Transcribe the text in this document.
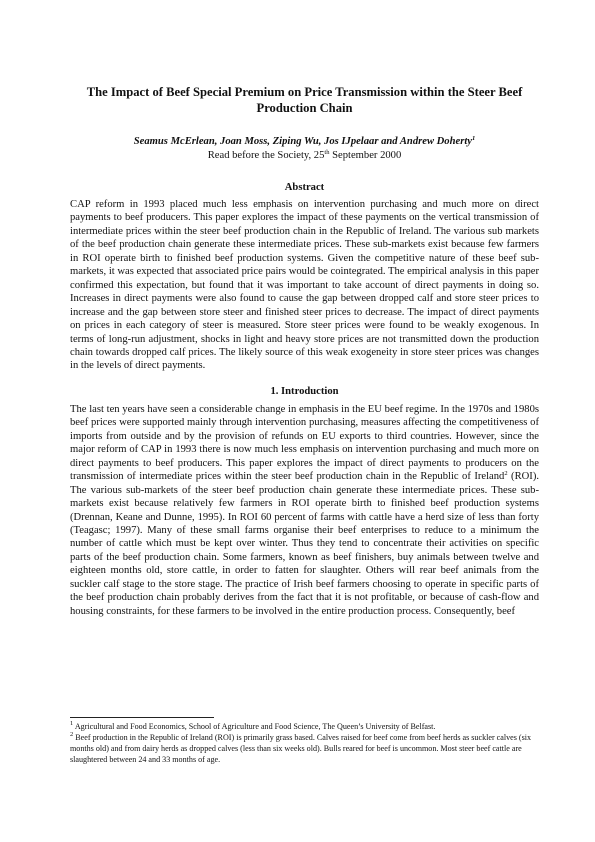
The Impact of Beef Special Premium on Price Transmission within the Steer Beef Production Chain
Seamus McErlean, Joan Moss, Ziping Wu, Jos IJpelaar and Andrew Doherty$^1$
Read before the Society, 25th September 2000
Abstract

CAP reform in 1993 placed much less emphasis on intervention purchasing and much more on direct payments to beef producers. This paper explores the impact of these payments on the vertical transmission of intermediate prices within the steer beef production chain in the Republic of Ireland. The various sub markets of the beef production chain generate these intermediate prices. These sub-markets exist because few farmers in ROI operate birth to finished beef production systems. Given the competitive nature of these beef sub-markets, it was expected that associated price pairs would be cointegrated. The empirical analysis in this paper confirmed this expectation, but found that it was important to take account of direct payments in doing so. Increases in direct payments were also found to cause the gap between dropped calf and store steer prices to increase and the gap between store steer and finished steer prices to decrease. The impact of direct payments on prices in each category of steer is measured. Store steer prices were found to be weakly exogenous. In terms of long-run adjustment, shocks in light and heavy store prices are not transmitted down the production chain towards dropped calf prices. The likely source of this weak exogeneity in store steer prices was changes in the levels of direct payments.

1. Introduction

The last ten years have seen a considerable change in emphasis in the EU beef regime. In the 1970s and 1980s beef prices were supported mainly through intervention purchasing, measures affecting the competitiveness of imports from outside and by the provision of refunds on EU exports to third countries. However, since the major reform of CAP in 1993 there is now much less emphasis on intervention purchasing and much more on direct payments to beef producers. This paper explores the impact of direct payments to producers on the transmission of intermediate prices within the steer beef production chain in the Republic of Ireland$^2$ (ROI). The various sub-markets of the steer beef production chain generate these intermediate prices. These sub-markets exist because relatively few farmers in ROI operate birth to finished beef production systems (Drennan, Keane and Dunne, 1995). In ROI 60 percent of farms with cattle have a herd size of less than forty (Teagasc; 1997). Many of these small farms organise their beef enterprises to reduce to a minimum the number of cattle which must be kept over winter. Thus they tend to concentrate their activities on specific parts of the beef production chain. Some farmers, known as beef finishers, buy animals between twelve and eighteen months old, store cattle, in order to fatten for slaughter. Others will rear beef animals from the suckler calf stage to the store stage. The practice of Irish beef farmers choosing to operate in specific parts of the beef production chain probably derives from the fact that it is not profitable, or because of cash-flow and housing constraints, for these farmers to be involved in the entire production process. Consequently, beef

$^1$ Agricultural and Food Economics, School of Agriculture and Food Science, The Queen’s University of Belfast.

$^2$ Beef production in the Republic of Ireland (ROI) is primarily grass based. Calves raised for beef come from beef herds as suckler calves (six months old) and from dairy herds as dropped calves (less than six weeks old). Bulls reared for beef is uncommon. Most steer beef cattle are slaughtered between 24 and 33 months of age.
